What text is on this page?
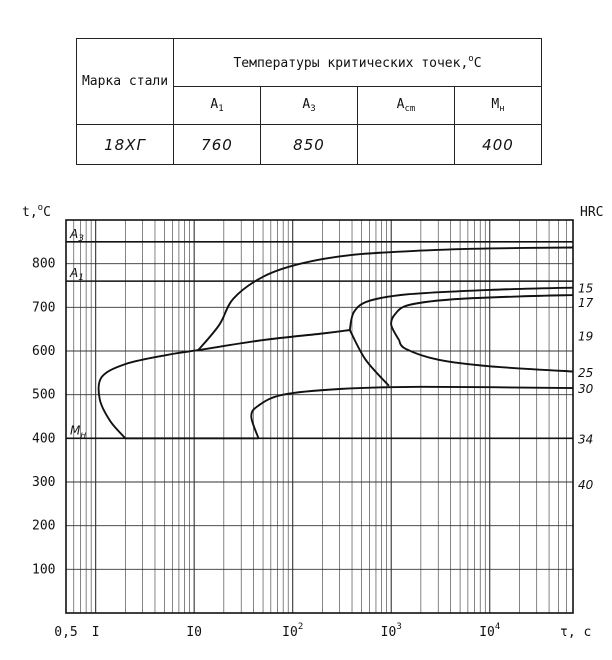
Марка стали	Температуры критических точек,$^o$C			
	$A_1$	$A_3$	$A_{cm}$	$M_н$
18ХГ	760	850		400
$A_3$
$A_1$
$M_н$
100
200
300
400
500
600
700
800
t,$^o$C	HRC
15
17
19
25
30
34
40
0,5 I	I0	$I0^2$	$I0^3$	$I0^4$	τ, c
